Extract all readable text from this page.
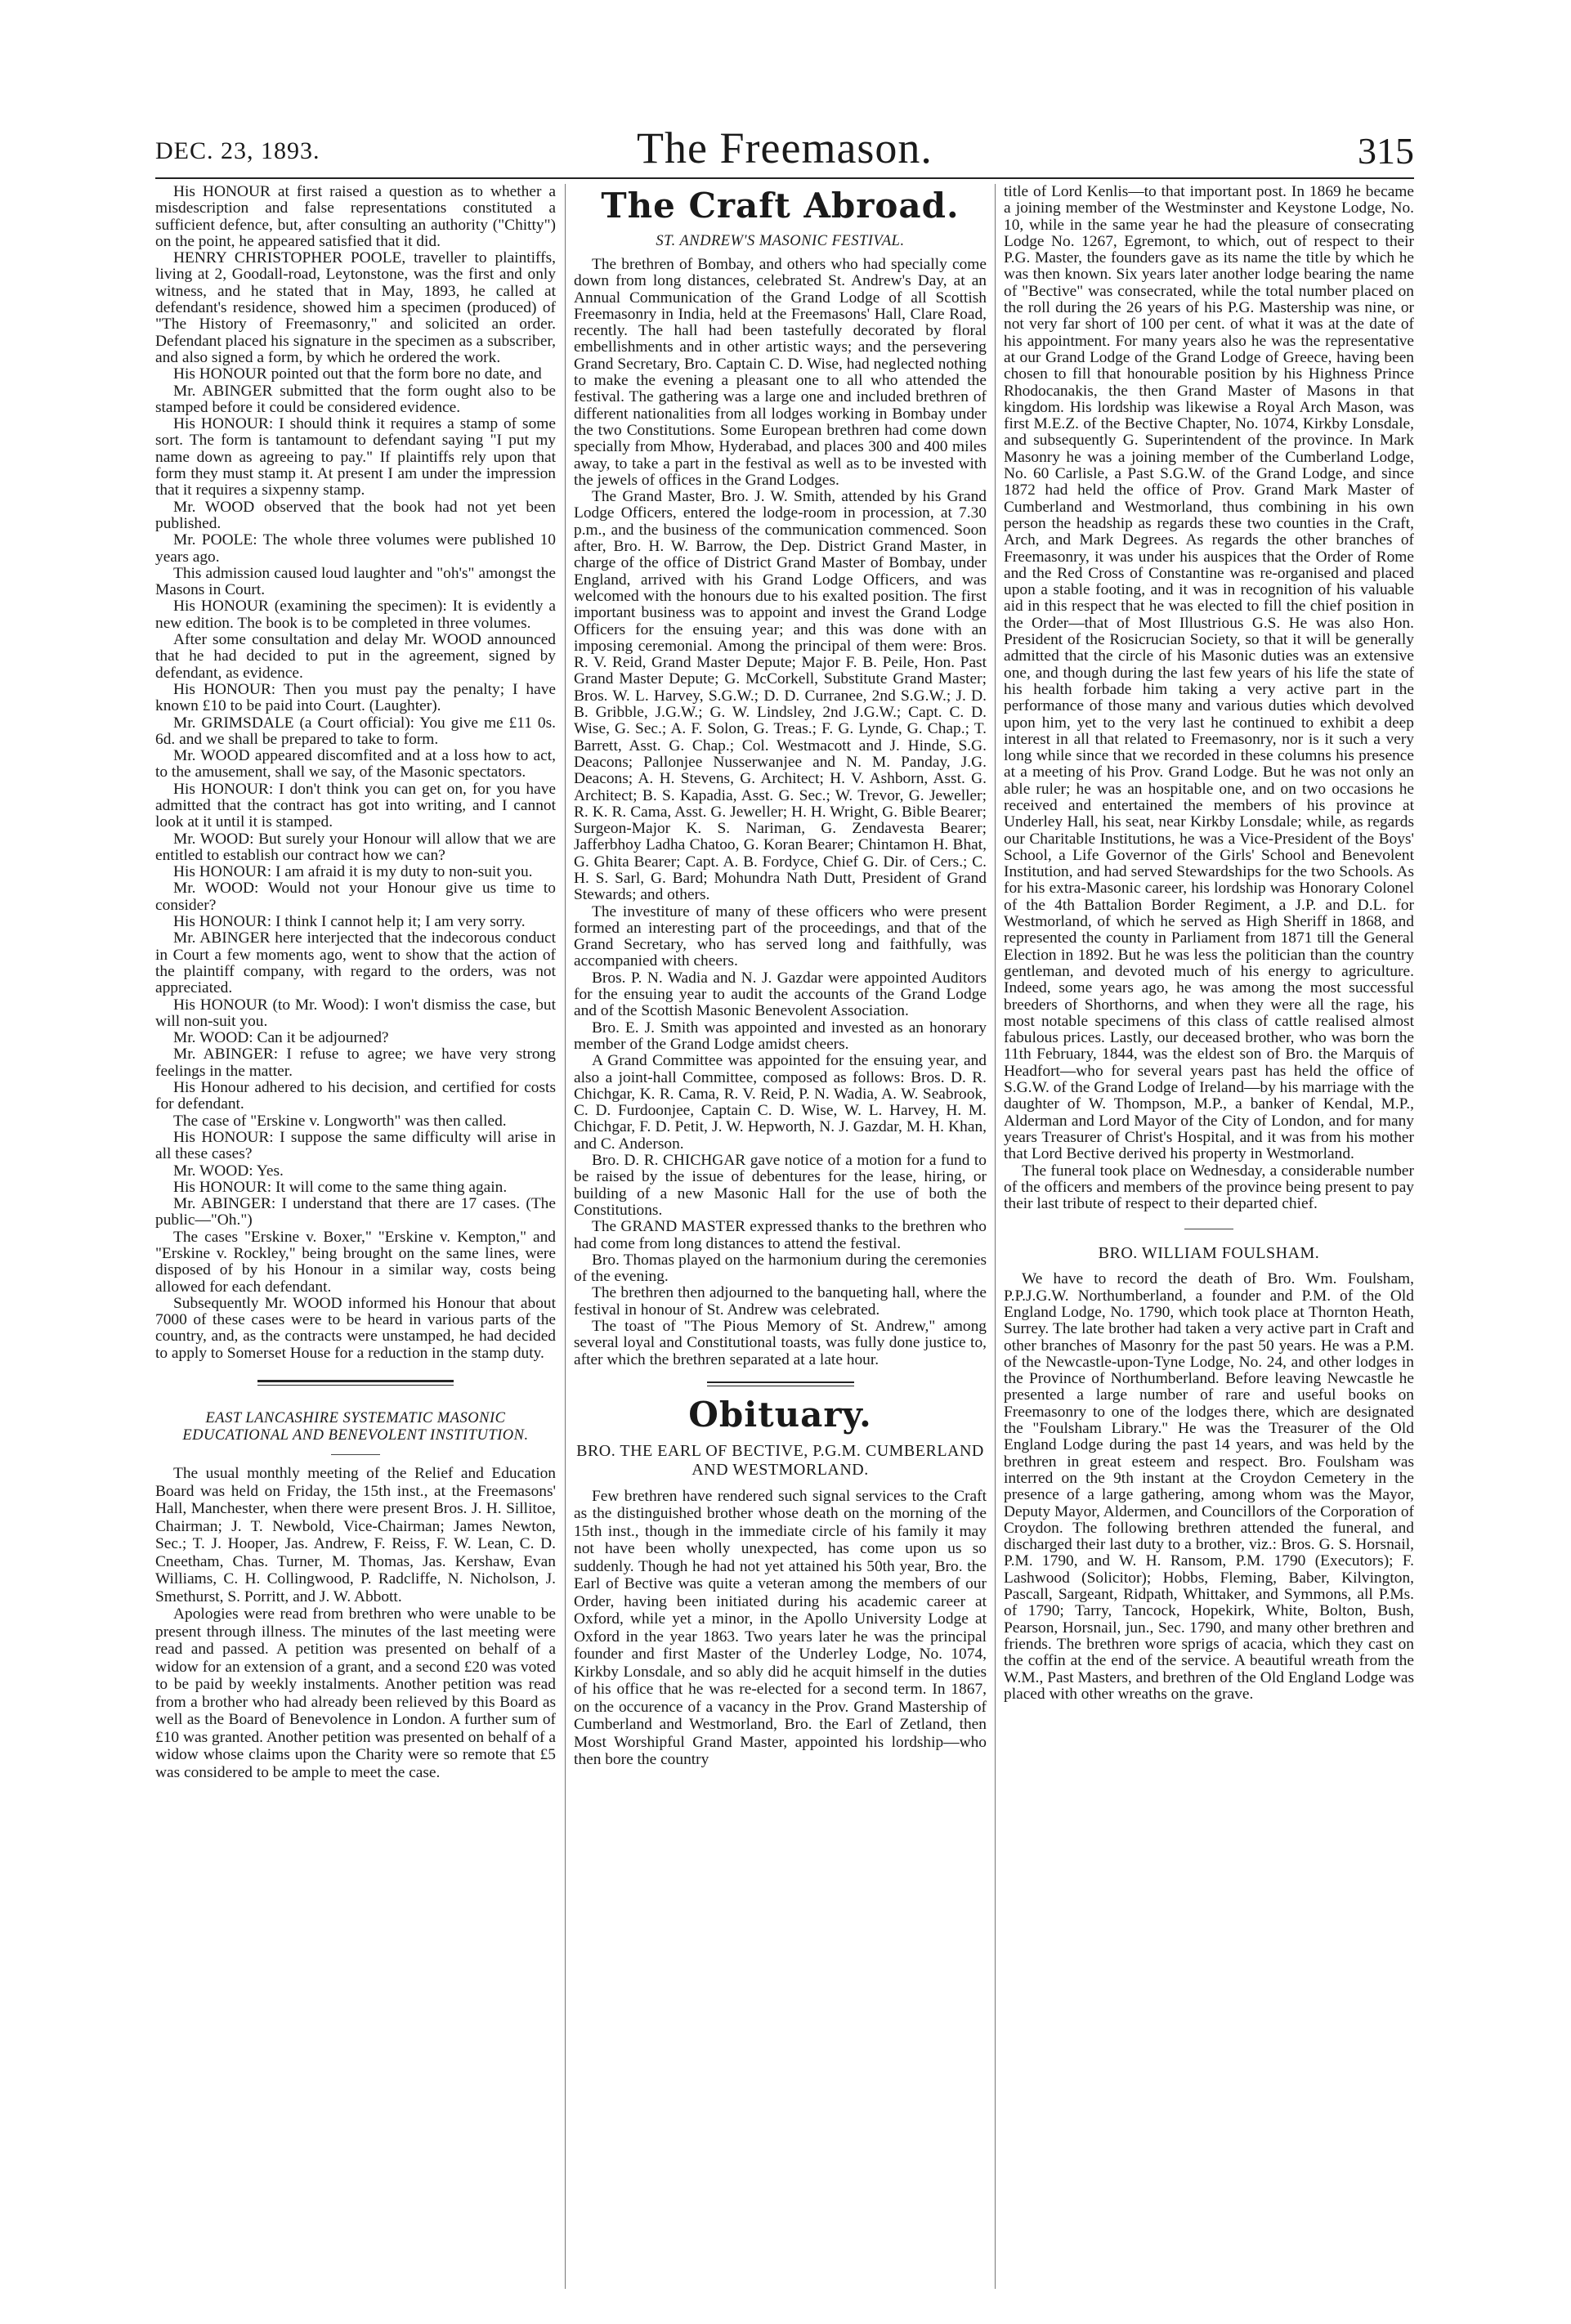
DEC. 23, 1893.	The Freemason.	315

His HONOUR at first raised a question as to whether a misdescription and false representations constituted a sufficient defence, but, after consulting an authority ("Chitty") on the point, he appeared satisfied that it did.

HENRY CHRISTOPHER POOLE, traveller to plaintiffs, living at 2, Goodall-road, Leytonstone, was the first and only witness, and he stated that in May, 1893, he called at defendant's residence, showed him a specimen (produced) of "The History of Freemasonry," and solicited an order. Defendant placed his signature in the specimen as a subscriber, and also signed a form, by which he ordered the work.

His HONOUR pointed out that the form bore no date, and

Mr. ABINGER submitted that the form ought also to be stamped before it could be considered evidence.

His HONOUR: I should think it requires a stamp of some sort. The form is tantamount to defendant saying "I put my name down as agreeing to pay." If plaintiffs rely upon that form they must stamp it. At present I am under the impression that it requires a sixpenny stamp.

Mr. WOOD observed that the book had not yet been published.

Mr. POOLE: The whole three volumes were published 10 years ago.

This admission caused loud laughter and "oh's" amongst the Masons in Court.

His HONOUR (examining the specimen): It is evidently a new edition. The book is to be completed in three volumes.

After some consultation and delay Mr. WOOD announced that he had decided to put in the agreement, signed by defendant, as evidence.

His HONOUR: Then you must pay the penalty; I have known £10 to be paid into Court. (Laughter).

Mr. GRIMSDALE (a Court official): You give me £11 0s. 6d. and we shall be prepared to take to form.

Mr. WOOD appeared discomfited and at a loss how to act, to the amusement, shall we say, of the Masonic spectators.

His HONOUR: I don't think you can get on, for you have admitted that the contract has got into writing, and I cannot look at it until it is stamped.

Mr. WOOD: But surely your Honour will allow that we are entitled to establish our contract how we can?

His HONOUR: I am afraid it is my duty to non-suit you.

Mr. WOOD: Would not your Honour give us time to consider?

His HONOUR: I think I cannot help it; I am very sorry.

Mr. ABINGER here interjected that the indecorous conduct in Court a few moments ago, went to show that the action of the plaintiff company, with regard to the orders, was not appreciated.

His HONOUR (to Mr. Wood): I won't dismiss the case, but will non-suit you.

Mr. WOOD: Can it be adjourned?

Mr. ABINGER: I refuse to agree; we have very strong feelings in the matter.

His Honour adhered to his decision, and certified for costs for defendant.

The case of "Erskine v. Longworth" was then called.

His HONOUR: I suppose the same difficulty will arise in all these cases?

Mr. WOOD: Yes.

His HONOUR: It will come to the same thing again.

Mr. ABINGER: I understand that there are 17 cases. (The public—"Oh.")

The cases "Erskine v. Boxer," "Erskine v. Kempton," and "Erskine v. Rockley," being brought on the same lines, were disposed of by his Honour in a similar way, costs being allowed for each defendant.

Subsequently Mr. WOOD informed his Honour that about 7000 of these cases were to be heard in various parts of the country, and, as the contracts were unstamped, he had decided to apply to Somerset House for a reduction in the stamp duty.

EAST LANCASHIRE SYSTEMATIC MASONIC EDUCATIONAL AND BENEVOLENT INSTITUTION.

The usual monthly meeting of the Relief and Education Board was held on Friday, the 15th inst., at the Freemasons' Hall, Manchester, when there were present Bros. J. H. Sillitoe, Chairman; J. T. Newbold, Vice-Chairman; James Newton, Sec.; T. J. Hooper, Jas. Andrew, F. Reiss, F. W. Lean, C. D. Cneetham, Chas. Turner, M. Thomas, Jas. Kershaw, Evan Williams, C. H. Collingwood, P. Radcliffe, N. Nicholson, J. Smethurst, S. Porritt, and J. W. Abbott.

Apologies were read from brethren who were unable to be present through illness. The minutes of the last meeting were read and passed. A petition was presented on behalf of a widow for an extension of a grant, and a second £20 was voted to be paid by weekly instalments. Another petition was read from a brother who had already been relieved by this Board as well as the Board of Benevolence in London. A further sum of £10 was granted. Another petition was presented on behalf of a widow whose claims upon the Charity were so remote that £5 was considered to be ample to meet the case.

The Craft Abroad.
ST. ANDREW'S MASONIC FESTIVAL.

The brethren of Bombay, and others who had specially come down from long distances, celebrated St. Andrew's Day, at an Annual Communication of the Grand Lodge of all Scottish Freemasonry in India, held at the Freemasons' Hall, Clare Road, recently. The hall had been tastefully decorated by floral embellishments and in other artistic ways; and the persevering Grand Secretary, Bro. Captain C. D. Wise, had neglected nothing to make the evening a pleasant one to all who attended the festival. The gathering was a large one and included brethren of different nationalities from all lodges working in Bombay under the two Constitutions. Some European brethren had come down specially from Mhow, Hyderabad, and places 300 and 400 miles away, to take a part in the festival as well as to be invested with the jewels of offices in the Grand Lodges.

The Grand Master, Bro. J. W. Smith, attended by his Grand Lodge Officers, entered the lodge-room in procession, at 7.30 p.m., and the business of the communication commenced. Soon after, Bro. H. W. Barrow, the Dep. District Grand Master, in charge of the office of District Grand Master of Bombay, under England, arrived with his Grand Lodge Officers, and was welcomed with the honours due to his exalted position. The first important business was to appoint and invest the Grand Lodge Officers for the ensuing year; and this was done with an imposing ceremonial. Among the principal of them were: Bros. R. V. Reid, Grand Master Depute; Major F. B. Peile, Hon. Past Grand Master Depute; G. McCorkell, Substitute Grand Master; Bros. W. L. Harvey, S.G.W.; D. D. Curranee, 2nd S.G.W.; J. D. B. Gribble, J.G.W.; G. W. Lindsley, 2nd J.G.W.; Capt. C. D. Wise, G. Sec.; A. F. Solon, G. Treas.; F. G. Lynde, G. Chap.; T. Barrett, Asst. G. Chap.; Col. Westmacott and J. Hinde, S.G. Deacons; Pallonjee Nusserwanjee and N. M. Panday, J.G. Deacons; A. H. Stevens, G. Architect; H. V. Ashborn, Asst. G. Architect; B. S. Kapadia, Asst. G. Sec.; W. Trevor, G. Jeweller; R. K. R. Cama, Asst. G. Jeweller; H. H. Wright, G. Bible Bearer; Surgeon-Major K. S. Nariman, G. Zendavesta Bearer; Jafferbhoy Ladha Chatoo, G. Koran Bearer; Chintamon H. Bhat, G. Ghita Bearer; Capt. A. B. Fordyce, Chief G. Dir. of Cers.; C. H. S. Sarl, G. Bard; Mohundra Nath Dutt, President of Grand Stewards; and others.

The investiture of many of these officers who were present formed an interesting part of the proceedings, and that of the Grand Secretary, who has served long and faithfully, was accompanied with cheers.

Bros. P. N. Wadia and N. J. Gazdar were appointed Auditors for the ensuing year to audit the accounts of the Grand Lodge and of the Scottish Masonic Benevolent Association.

Bro. E. J. Smith was appointed and invested as an honorary member of the Grand Lodge amidst cheers.

A Grand Committee was appointed for the ensuing year, and also a joint-hall Committee, composed as follows: Bros. D. R. Chichgar, K. R. Cama, R. V. Reid, P. N. Wadia, A. W. Seabrook, C. D. Furdoonjee, Captain C. D. Wise, W. L. Harvey, H. M. Chichgar, F. D. Petit, J. W. Hepworth, N. J. Gazdar, M. H. Khan, and C. Anderson.

Bro. D. R. CHICHGAR gave notice of a motion for a fund to be raised by the issue of debentures for the lease, hiring, or building of a new Masonic Hall for the use of both the Constitutions.

The GRAND MASTER expressed thanks to the brethren who had come from long distances to attend the festival.

Bro. Thomas played on the harmonium during the ceremonies of the evening.

The brethren then adjourned to the banqueting hall, where the festival in honour of St. Andrew was celebrated.

The toast of "The Pious Memory of St. Andrew," among several loyal and Constitutional toasts, was fully done justice to, after which the brethren separated at a late hour.

Obituary.
BRO. THE EARL OF BECTIVE, P.G.M. CUMBERLAND AND WESTMORLAND.

Few brethren have rendered such signal services to the Craft as the distinguished brother whose death on the morning of the 15th inst., though in the immediate circle of his family it may not have been wholly unexpected, has come upon us so suddenly. Though he had not yet attained his 50th year, Bro. the Earl of Bective was quite a veteran among the members of our Order, having been initiated during his academic career at Oxford, while yet a minor, in the Apollo University Lodge at Oxford in the year 1863. Two years later he was the principal founder and first Master of the Underley Lodge, No. 1074, Kirkby Lonsdale, and so ably did he acquit himself in the duties of his office that he was re-elected for a second term. In 1867, on the occurence of a vacancy in the Prov. Grand Mastership of Cumberland and Westmorland, Bro. the Earl of Zetland, then Most Worshipful Grand Master, appointed his lordship—who then bore the country

title of Lord Kenlis—to that important post. In 1869 he became a joining member of the Westminster and Keystone Lodge, No. 10, while in the same year he had the pleasure of consecrating Lodge No. 1267, Egremont, to which, out of respect to their P.G. Master, the founders gave as its name the title by which he was then known. Six years later another lodge bearing the name of "Bective" was consecrated, while the total number placed on the roll during the 26 years of his P.G. Mastership was nine, or not very far short of 100 per cent. of what it was at the date of his appointment. For many years also he was the representative at our Grand Lodge of the Grand Lodge of Greece, having been chosen to fill that honourable position by his Highness Prince Rhodocanakis, the then Grand Master of Masons in that kingdom. His lordship was likewise a Royal Arch Mason, was first M.E.Z. of the Bective Chapter, No. 1074, Kirkby Lonsdale, and subsequently G. Superintendent of the province. In Mark Masonry he was a joining member of the Cumberland Lodge, No. 60 Carlisle, a Past S.G.W. of the Grand Lodge, and since 1872 had held the office of Prov. Grand Mark Master of Cumberland and Westmorland, thus combining in his own person the headship as regards these two counties in the Craft, Arch, and Mark Degrees. As regards the other branches of Freemasonry, it was under his auspices that the Order of Rome and the Red Cross of Constantine was re-organised and placed upon a stable footing, and it was in recognition of his valuable aid in this respect that he was elected to fill the chief position in the Order—that of Most Illustrious G.S. He was also Hon. President of the Rosicrucian Society, so that it will be generally admitted that the circle of his Masonic duties was an extensive one, and though during the last few years of his life the state of his health forbade him taking a very active part in the performance of those many and various duties which devolved upon him, yet to the very last he continued to exhibit a deep interest in all that related to Freemasonry, nor is it such a very long while since that we recorded in these columns his presence at a meeting of his Prov. Grand Lodge. But he was not only an able ruler; he was an hospitable one, and on two occasions he received and entertained the members of his province at Underley Hall, his seat, near Kirkby Lonsdale; while, as regards our Charitable Institutions, he was a Vice-President of the Boys' School, a Life Governor of the Girls' School and Benevolent Institution, and had served Stewardships for the two Schools. As for his extra-Masonic career, his lordship was Honorary Colonel of the 4th Battalion Border Regiment, a J.P. and D.L. for Westmorland, of which he served as High Sheriff in 1868, and represented the county in Parliament from 1871 till the General Election in 1892. But he was less the politician than the country gentleman, and devoted much of his energy to agriculture. Indeed, some years ago, he was among the most successful breeders of Shorthorns, and when they were all the rage, his most notable specimens of this class of cattle realised almost fabulous prices. Lastly, our deceased brother, who was born the 11th February, 1844, was the eldest son of Bro. the Marquis of Headfort—who for several years past has held the office of S.G.W. of the Grand Lodge of Ireland—by his marriage with the daughter of W. Thompson, M.P., a banker of Kendal, M.P., Alderman and Lord Mayor of the City of London, and for many years Treasurer of Christ's Hospital, and it was from his mother that Lord Bective derived his property in Westmorland.

The funeral took place on Wednesday, a considerable number of the officers and members of the province being present to pay their last tribute of respect to their departed chief.

BRO. WILLIAM FOULSHAM.

We have to record the death of Bro. Wm. Foulsham, P.P.J.G.W. Northumberland, a founder and P.M. of the Old England Lodge, No. 1790, which took place at Thornton Heath, Surrey. The late brother had taken a very active part in Craft and other branches of Masonry for the past 50 years. He was a P.M. of the Newcastle-upon-Tyne Lodge, No. 24, and other lodges in the Province of Northumberland. Before leaving Newcastle he presented a large number of rare and useful books on Freemasonry to one of the lodges there, which are designated the "Foulsham Library." He was the Treasurer of the Old England Lodge during the past 14 years, and was held by the brethren in great esteem and respect. Bro. Foulsham was interred on the 9th instant at the Croydon Cemetery in the presence of a large gathering, among whom was the Mayor, Deputy Mayor, Aldermen, and Councillors of the Corporation of Croydon. The following brethren attended the funeral, and discharged their last duty to a brother, viz.: Bros. G. S. Horsnail, P.M. 1790, and W. H. Ransom, P.M. 1790 (Executors); F. Lashwood (Solicitor); Hobbs, Fleming, Baber, Kilvington, Pascall, Sargeant, Ridpath, Whittaker, and Symmons, all P.Ms. of 1790; Tarry, Tancock, Hopekirk, White, Bolton, Bush, Pearson, Horsnail, jun., Sec. 1790, and many other brethren and friends. The brethren wore sprigs of acacia, which they cast on the coffin at the end of the service. A beautiful wreath from the W.M., Past Masters, and brethren of the Old England Lodge was placed with other wreaths on the grave.
